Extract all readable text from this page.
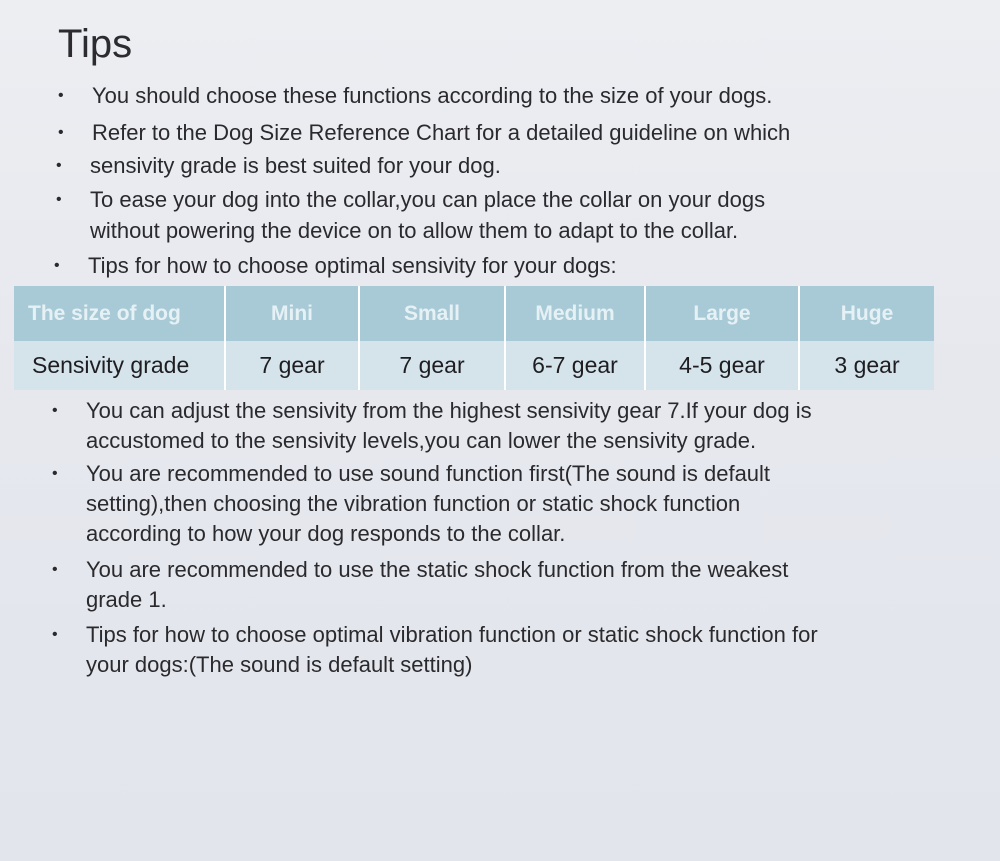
Tips
• You should choose these functions according to the size of your dogs.
• Refer to the Dog Size Reference Chart for a detailed guideline on which
• sensivity grade is best suited for your dog.
• To ease your dog into the collar,you can place the collar on your dogs
without powering the device on to allow them to adapt to the collar.
• Tips for how to choose optimal sensivity for your dogs:
The size of dog	Mini	Small	Medium	Large	Huge
Sensivity grade	7 gear	7 gear	6-7 gear	4-5 gear	3 gear
• You can adjust the sensivity from the highest sensivity gear 7.If your dog is
accustomed to the sensivity levels,you can lower the sensivity grade.
• You are recommended to use sound function first(The sound is default
setting),then choosing the vibration function or static shock function
according to how your dog responds to the collar.
• You are recommended to use the static shock function from the weakest
grade 1.
• Tips for how to choose optimal vibration function or static shock function for
your dogs:(The sound is default setting)
